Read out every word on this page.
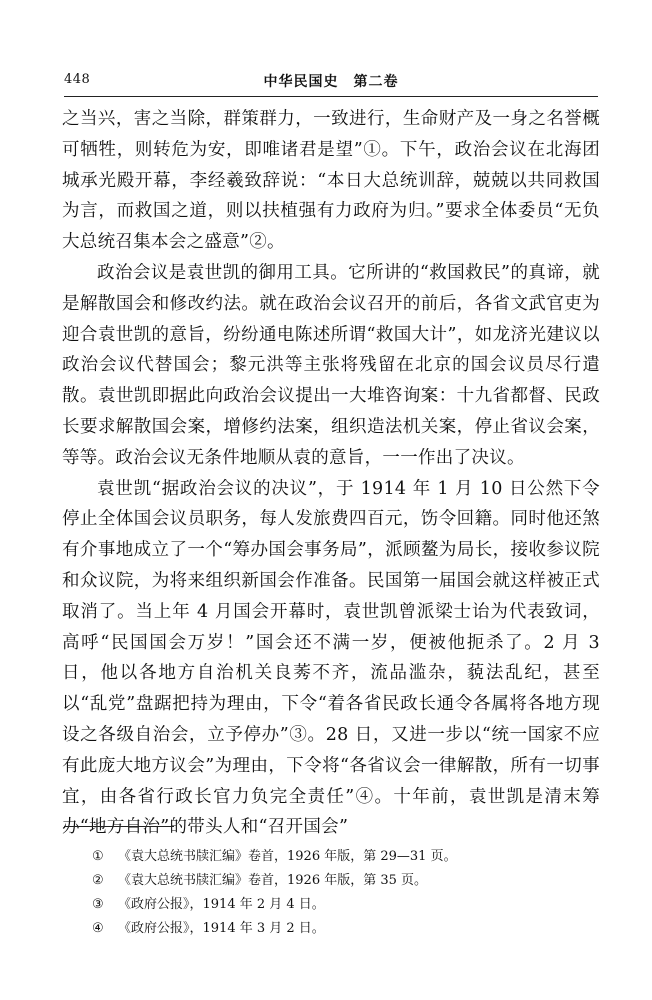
448	中华民国史　第二卷

之当兴，害之当除，群策群力，一致进行，生命财产及一身之名誉概可牺牲，则转危为安，即唯诸君是望”①。下午，政治会议在北海团城承光殿开幕，李经羲致辞说：“本日大总统训辞，兢兢以共同救国为言，而救国之道，则以扶植强有力政府为归。”要求全体委员“无负大总统召集本会之盛意”②。

政治会议是袁世凯的御用工具。它所讲的“救国救民”的真谛，就是解散国会和修改约法。就在政治会议召开的前后，各省文武官吏为迎合袁世凯的意旨，纷纷通电陈述所谓“救国大计”，如龙济光建议以政治会议代替国会；黎元洪等主张将残留在北京的国会议员尽行遣散。袁世凯即据此向政治会议提出一大堆咨询案：十九省都督、民政长要求解散国会案，增修约法案，组织造法机关案，停止省议会案，等等。政治会议无条件地顺从袁的意旨，一一作出了决议。

袁世凯“据政治会议的决议”，于 1914 年 1 月 10 日公然下令停止全体国会议员职务，每人发旅费四百元，饬令回籍。同时他还煞有介事地成立了一个“筹办国会事务局”，派顾鳌为局长，接收参议院和众议院，为将来组织新国会作准备。民国第一届国会就这样被正式取消了。当上年 4 月国会开幕时，袁世凯曾派梁士诒为代表致词，高呼“民国国会万岁！”国会还不满一岁，便被他扼杀了。2 月 3 日，他以各地方自治机关良莠不齐，流品滥杂，藐法乱纪，甚至以“乱党”盘踞把持为理由，下令“着各省民政长通令各属将各地方现设之各级自治会，立予停办”③。28 日，又进一步以“统一国家不应有此庞大地方议会”为理由，下令将“各省议会一律解散，所有一切事宜，由各省行政长官力负完全责任”④。十年前，袁世凯是清末筹办“地方自治”的带头人和“召开国会”

① 《袁大总统书牍汇编》卷首，1926 年版，第 29—31 页。
② 《袁大总统书牍汇编》卷首，1926 年版，第 35 页。
③ 《政府公报》，1914 年 2 月 4 日。
④ 《政府公报》，1914 年 3 月 2 日。
